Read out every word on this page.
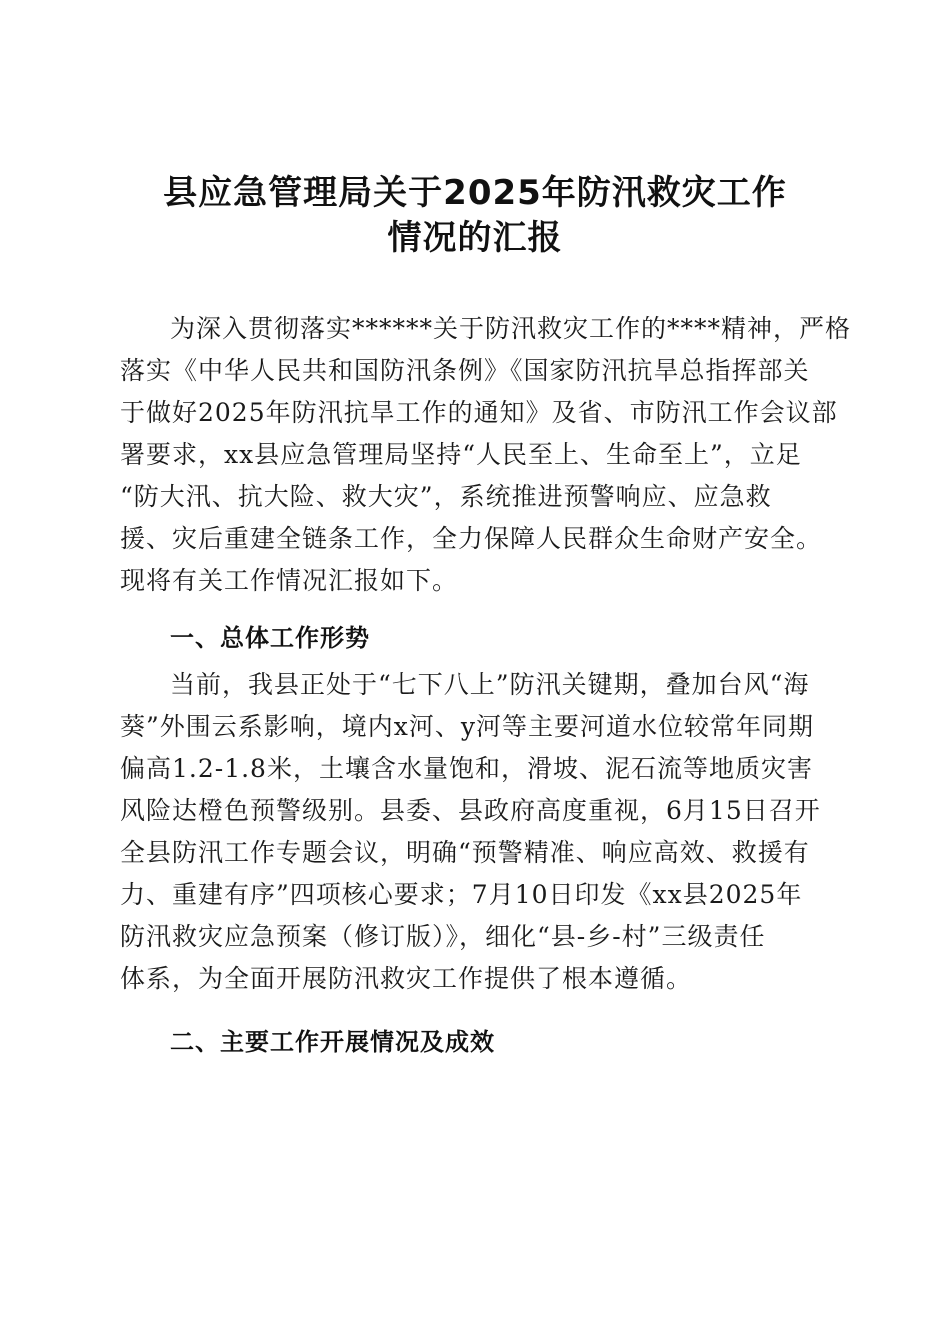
县应急管理局关于2025年防汛救灾工作
情况的汇报
为深入贯彻落实******关于防汛救灾工作的****精神，严格
落实《中华人民共和国防汛条例》《国家防汛抗旱总指挥部关
于做好2025年防汛抗旱工作的通知》及省、市防汛工作会议部
署要求，xx县应急管理局坚持“人民至上、生命至上”，立足
“防大汛、抗大险、救大灾”，系统推进预警响应、应急救
援、灾后重建全链条工作，全力保障人民群众生命财产安全。
现将有关工作情况汇报如下。
一、总体工作形势
当前，我县正处于“七下八上”防汛关键期，叠加台风“海
葵”外围云系影响，境内x河、y河等主要河道水位较常年同期
偏高1.2-1.8米，土壤含水量饱和，滑坡、泥石流等地质灾害
风险达橙色预警级别。县委、县政府高度重视，6月15日召开
全县防汛工作专题会议，明确“预警精准、响应高效、救援有
力、重建有序”四项核心要求；7月10日印发《xx县2025年
防汛救灾应急预案（修订版）》，细化“县-乡-村”三级责任
体系，为全面开展防汛救灾工作提供了根本遵循。
二、主要工作开展情况及成效
